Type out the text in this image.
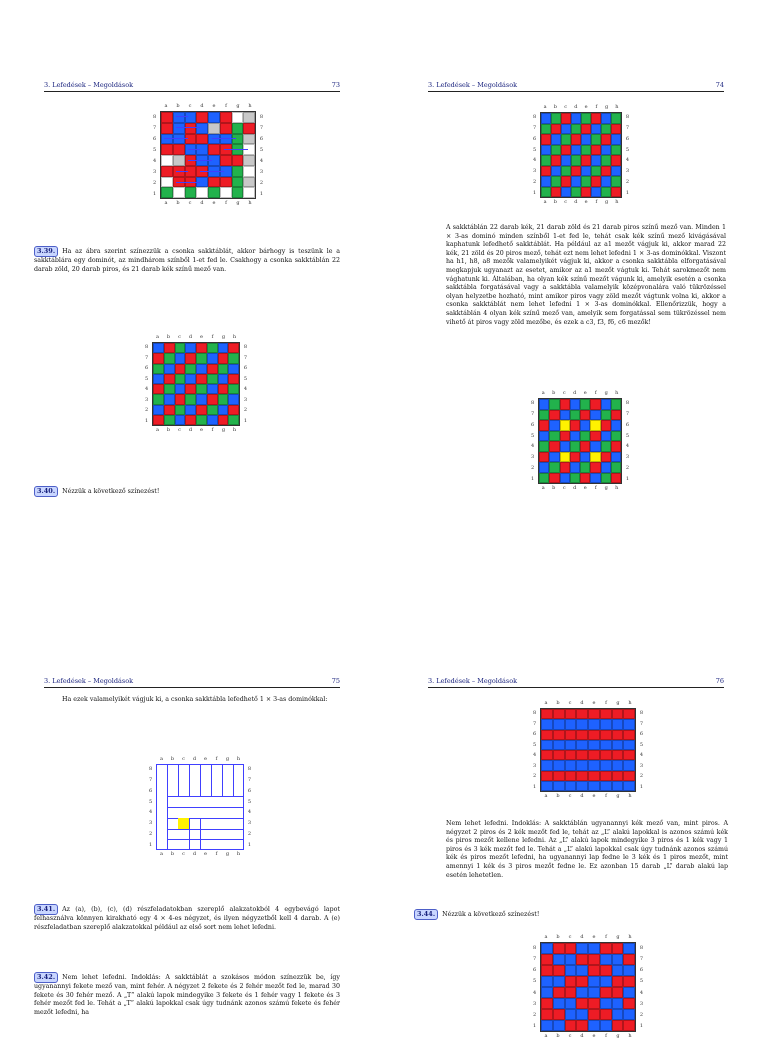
3. Lefedések – Megoldások	73
8
7
6
5
4
3
2
1
8
7
6
5
4
3
2
1
a	b	c	d	e	f	g	h
a	b	c	d	e	f	g	h
3.39. Ha az ábra szerint színezzük a csonka sakktáblát, akkor bárhogy is teszünk le a sakktáblára egy dominót, az mindhárom színből 1-et fed le. Csakhogy a csonka sakktáblán 22 darab zöld, 20 darab piros, és 21 darab kék színű mező van.
8
7
6
5
4
3
2
1
8
7
6
5
4
3
2
1
a	b	c	d	e	f	g	h
a	b	c	d	e	f	g	h
3.40. Nézzük a következő színezést!
3. Lefedések – Megoldások	74
8
7
6
5
4
3
2
1
8
7
6
5
4
3
2
1
a	b	c	d	e	f	g	h
a	b	c	d	e	f	g	h
A sakktáblán 22 darab kék, 21 darab zöld és 21 darab piros színű mező van. Minden 1 × 3-as dominó minden színből 1-et fed le, tehát csak kék színű mező kivágásával kaphatunk lefedhető sakktáblát. Ha például az a1 mezőt vágjuk ki, akkor marad 22 kék, 21 zöld és 20 piros mező, tehát ezt nem lehet lefedni 1 × 3-as dominókkal. Viszont ha h1, h8, a8 mezők valamelyikét vágjuk ki, akkor a csonka sakktábla elforgatásával megkapjuk ugyanazt az esetet, amikor az a1 mezőt vágtuk ki. Tehát sarokmezőt nem vághatunk ki. Általában, ha olyan kék színű mezőt vágunk ki, amelyik esetén a csonka sakktábla forgatásával vagy a sakktábla valamelyik középvonalára való tükrözéssel olyan helyzetbe hozható, mint amikor piros vagy zöld mezőt vágtunk volna ki, akkor a csonka sakktáblát nem lehet lefedni 1 × 3-as dominókkal. Ellenőrizzük, hogy a sakktáblán 4 olyan kék színű mező van, amelyik sem forgatással sem tükrözéssel nem vihető át piros vagy zöld mezőbe, és ezek a c3, f3, f6, c6 mezők!
8
7
6
5
4
3
2
1
8
7
6
5
4
3
2
1
a	b	c	d	e	f	g	h
a	b	c	d	e	f	g	h
3. Lefedések – Megoldások	75
Ha ezek valamelyikét vágjuk ki, a csonka sakktábla lefedhető 1 × 3-as dominókkal:
8
7
6
5
4
3
2
1
8
7
6
5
4
3
2
1
a	b	c	d	e	f	g	h
a	b	c	d	e	f	g	h
3.41. Az (a), (b), (c), (d) részfeladatokban szereplő alakzatokból 4 egybevágó lapot felhasználva könnyen kirakható egy 4 × 4-es négyzet, és ilyen négyzetből kell 4 darab. A (e) részfeladatban szereplő alakzatokkal például az első sort nem lehet lefedni.
3.42. Nem lehet lefedni. Indoklás: A sakktáblát a szokásos módon színezzük be, így ugyanannyi fekete mező van, mint fehér. A négyzet 2 fekete és 2 fehér mezőt fed le, marad 30 fekete és 30 fehér mező. A „T” alakú lapok mindegyike 3 fekete és 1 fehér vagy 1 fekete és 3 fehér mezőt fed le. Tehát a „T” alakú lapokkal csak úgy tudnánk azonos számú fekete és fehér mezőt lefedni, ha
3. Lefedések – Megoldások	76
8
7
6
5
4
3
2
1
8
7
6
5
4
3
2
1
a	b	c	d	e	f	g	h
a	b	c	d	e	f	g	h
Nem lehet lefedni. Indoklás: A sakktáblán ugyanannyi kék mező van, mint piros. A négyzet 2 piros és 2 kék mezőt fed le, tehát az „L” alakú lapokkal is azonos számú kék és piros mezőt kellene lefedni. Az „L” alakú lapok mindegyike 3 piros és 1 kék vagy 1 piros és 3 kék mezőt fed le. Tehát a „L” alakú lapokkal csak úgy tudnánk azonos számú kék és piros mezőt lefedni, ha ugyanannyi lap fedne le 3 kék és 1 piros mezőt, mint amennyi 1 kék és 3 piros mezőt fedne le. Ez azonban 15 darab „L” darab alakú lap esetén lehetetlen.
3.44. Nézzük a következő színezést!
8
7
6
5
4
3
2
1
8
7
6
5
4
3
2
1
a	b	c	d	e	f	g	h
a	b	c	d	e	f	g	h
